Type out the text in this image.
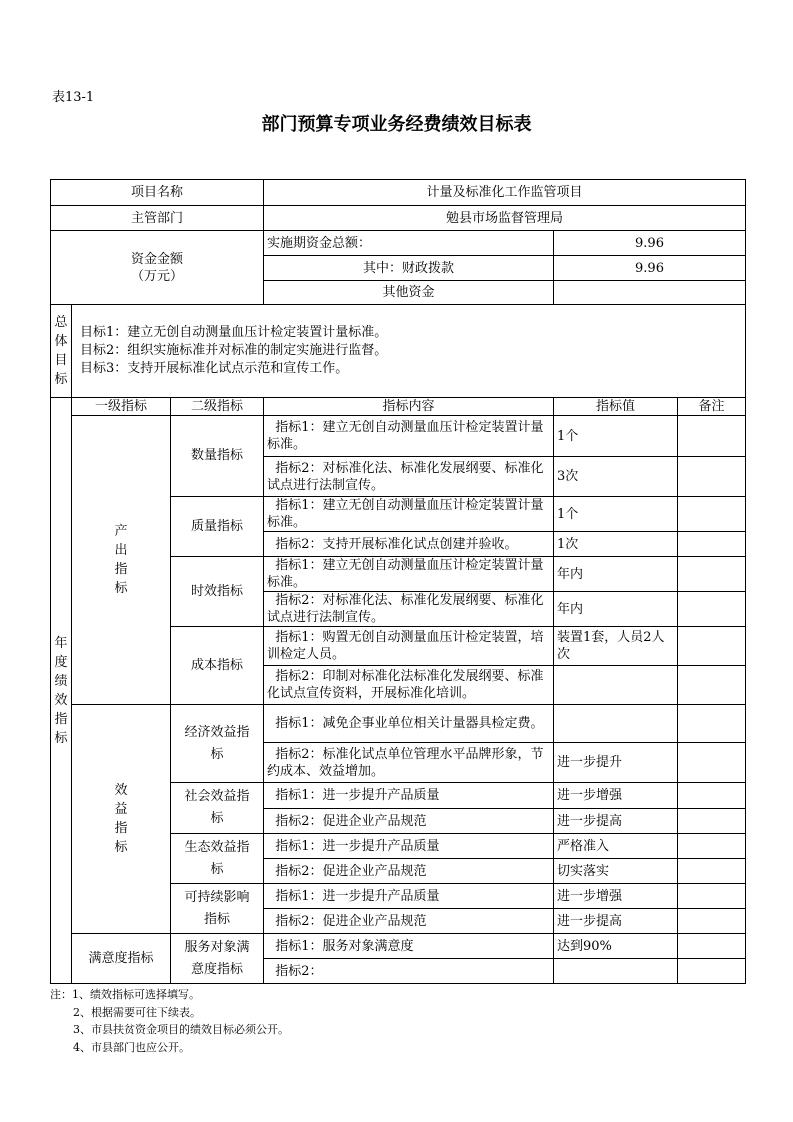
表13-1
部门预算专项业务经费绩效目标表
项目名称			计量及标准化工作监管项目		
主管部门			勉县市场监督管理局		

资金金额
（万元）			实施期资金总额：	9.96	
			其中：财政拨款	9.96	
			其他资金		

总体目标	目标1：建立无创自动测量血压计检定装置计量标准。
目标2：组织实施标准并对标准的制定实施进行监督。
目标3：支持开展标准化试点示范和宣传工作。				

年度绩效指标	一级指标	二级指标	指标内容	指标值	备注

	产出指标	数量指标	指标1：建立无创自动测量血压计检定装置计量标准。	1个	
			指标2：对标准化法、标准化发展纲要、标准化试点进行法制宣传。	3次	
		质量指标	指标1：建立无创自动测量血压计检定装置计量标准。	1个	
			指标2：支持开展标准化试点创建并验收。	1次	
		时效指标	指标1：建立无创自动测量血压计检定装置计量标准。	年内	
			指标2：对标准化法、标准化发展纲要、标准化试点进行法制宣传。	年内	
		成本指标	指标1：购置无创自动测量血压计检定装置，培训检定人员。	装置1套，人员2人次	
			指标2：印制对标准化法标准化发展纲要、标准化试点宣传资料，开展标准化培训。		

	效益指标	经济效益指标	指标1：减免企事业单位相关计量器具检定费。		
			指标2：标准化试点单位管理水平品牌形象，节约成本、效益增加。	进一步提升	
		社会效益指标	指标1：进一步提升产品质量	进一步增强	
			指标2：促进企业产品规范	进一步提高	
		生态效益指标	指标1：进一步提升产品质量	严格准入	
			指标2：促进企业产品规范	切实落实	
		可持续影响指标	指标1：进一步提升产品质量	进一步增强	
			指标2：促进企业产品规范	进一步提高	
	满意度指标	服务对象满意度指标	指标1：服务对象满意度	达到90%	
			指标2：		
注：1、绩效指标可选择填写。
2、根据需要可往下续表。
3、市县扶贫资金项目的绩效目标必须公开。
4、市县部门也应公开。
